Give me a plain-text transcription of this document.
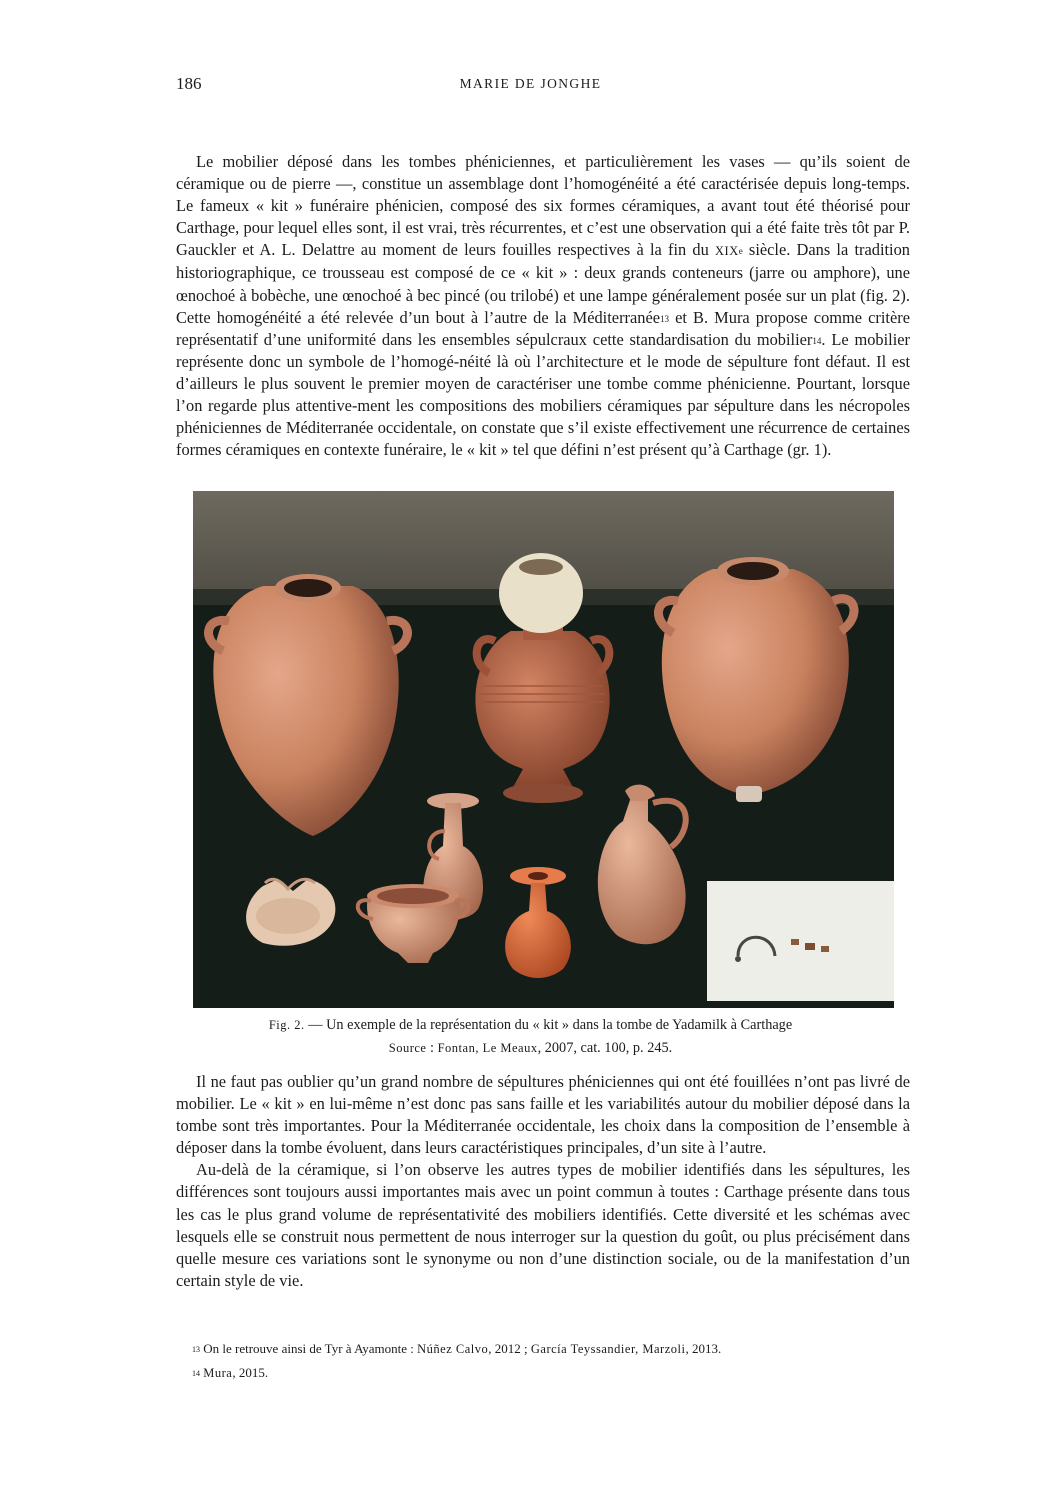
186	MARIE DE JONGHE

Le mobilier déposé dans les tombes phéniciennes, et particulièrement les vases — qu’ils soient de céramique ou de pierre —, constitue un assemblage dont l’homogénéité a été caractérisée depuis long-temps. Le fameux « kit » funéraire phénicien, composé des six formes céramiques, a avant tout été théorisé pour Carthage, pour lequel elles sont, il est vrai, très récurrentes, et c’est une observation qui a été faite très tôt par P. Gauckler et A. L. Delattre au moment de leurs fouilles respectives à la fin du XIXe siècle. Dans la tradition historiographique, ce trousseau est composé de ce « kit » : deux grands conteneurs (jarre ou amphore), une œnochoé à bobèche, une œnochoé à bec pincé (ou trilobé) et une lampe généralement posée sur un plat (fig. 2). Cette homogénéité a été relevée d’un bout à l’autre de la Méditerranée$^{13}$ et B. Mura propose comme critère représentatif d’une uniformité dans les ensembles sépulcraux cette standardisation du mobilier$^{14}$. Le mobilier représente donc un symbole de l’homogé-néité là où l’architecture et le mode de sépulture font défaut. Il est d’ailleurs le plus souvent le premier moyen de caractériser une tombe comme phénicienne. Pourtant, lorsque l’on regarde plus attentive-ment les compositions des mobiliers céramiques par sépulture dans les nécropoles phéniciennes de Méditerranée occidentale, on constate que s’il existe effectivement une récurrence de certaines formes céramiques en contexte funéraire, le « kit » tel que défini n’est présent qu’à Carthage (gr. 1).

Fig. 2. — Un exemple de la représentation du « kit » dans la tombe de Yadamilk à Carthage
Source : Fontan, Le Meaux, 2007, cat. 100, p. 245.

Il ne faut pas oublier qu’un grand nombre de sépultures phéniciennes qui ont été fouillées n’ont pas livré de mobilier. Le « kit » en lui-même n’est donc pas sans faille et les variabilités autour du mobilier déposé dans la tombe sont très importantes. Pour la Méditerranée occidentale, les choix dans la composition de l’ensemble à déposer dans la tombe évoluent, dans leurs caractéristiques principales, d’un site à l’autre.

Au-delà de la céramique, si l’on observe les autres types de mobilier identifiés dans les sépultures, les différences sont toujours aussi importantes mais avec un point commun à toutes : Carthage présente dans tous les cas le plus grand volume de représentativité des mobiliers identifiés. Cette diversité et les schémas avec lesquels elle se construit nous permettent de nous interroger sur la question du goût, ou plus précisément dans quelle mesure ces variations sont le synonyme ou non d’une distinction sociale, ou de la manifestation d’un certain style de vie.

$^{13}$ On le retrouve ainsi de Tyr à Ayamonte : Núñez Calvo, 2012 ; García Teyssandier, Marzoli, 2013.
$^{14}$ Mura, 2015.
